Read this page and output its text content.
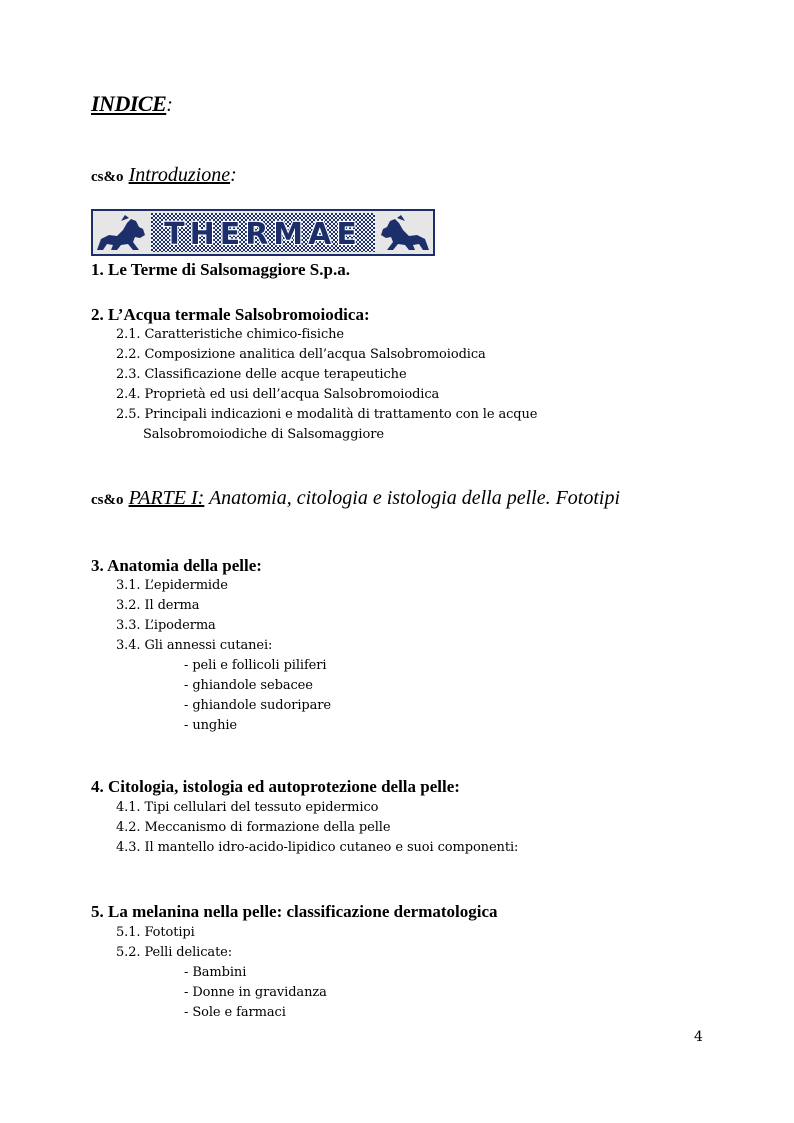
INDICE:
cs&o Introduzione:
THERMAE
1. Le Terme di Salsomaggiore S.p.a.
2. L’Acqua termale Salsobromoiodica:
2.1. Caratteristiche chimico-fisiche
2.2. Composizione analitica dell’acqua Salsobromoiodica
2.3. Classificazione delle acque terapeutiche
2.4. Proprietà ed usi dell’acqua Salsobromoiodica
2.5. Principali indicazioni e modalità di trattamento con le acque
Salsobromoiodiche di Salsomaggiore
cs&o PARTE I: Anatomia, citologia e istologia della pelle. Fototipi
3. Anatomia della pelle:
3.1. L’epidermide
3.2. Il derma
3.3. L’ipoderma
3.4. Gli annessi cutanei:
- peli e follicoli piliferi
- ghiandole sebacee
- ghiandole sudoripare
- unghie
4. Citologia, istologia ed autoprotezione della pelle:
4.1. Tipi cellulari del tessuto epidermico
4.2. Meccanismo di formazione della pelle
4.3. Il mantello idro-acido-lipidico cutaneo e suoi componenti:
5. La melanina nella pelle: classificazione dermatologica
5.1. Fototipi
5.2. Pelli delicate:
- Bambini
- Donne in gravidanza
- Sole e farmaci
4
